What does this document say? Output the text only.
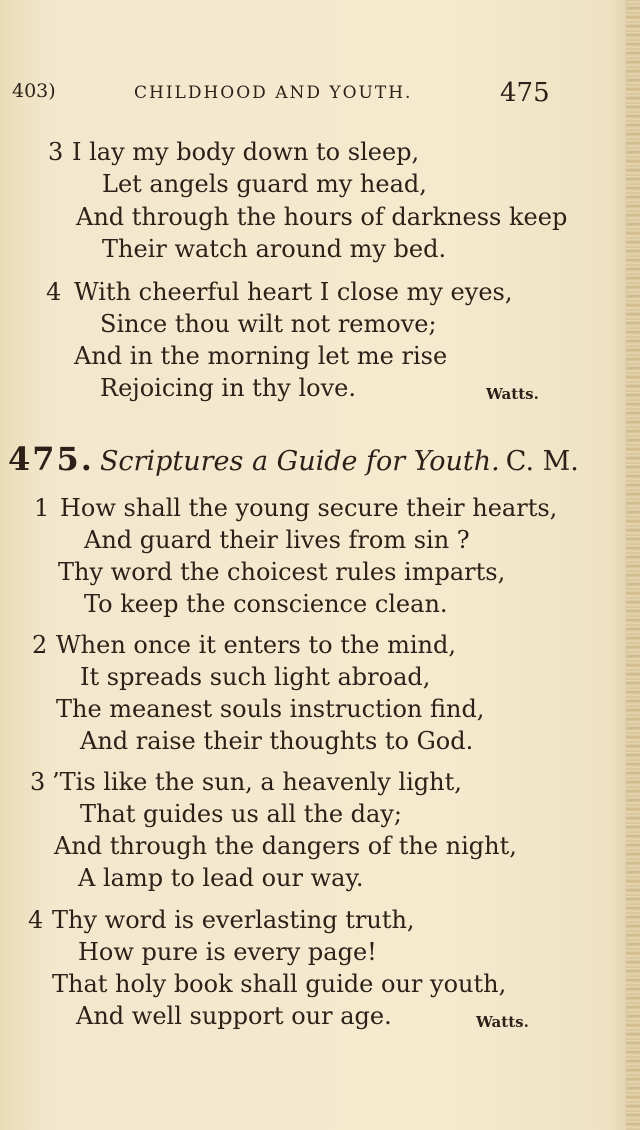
403)	CHILDHOOD AND YOUTH.	475
3 I lay my body down to sleep,
Let angels guard my head,
And through the hours of darkness keep
Their watch around my bed.
4 With cheerful heart I close my eyes,
Since thou wilt not remove;
And in the morning let me rise
Rejoicing in thy love.	Watts.
475. Scriptures a Guide for Youth. C. M.
1 How shall the young secure their hearts,
And guard their lives from sin ?
Thy word the choicest rules imparts,
To keep the conscience clean.
2 When once it enters to the mind,
It spreads such light abroad,
The meanest souls instruction find,
And raise their thoughts to God.
3 ’Tis like the sun, a heavenly light,
That guides us all the day;
And through the dangers of the night,
A lamp to lead our way.
4 Thy word is everlasting truth,
How pure is every page!
That holy book shall guide our youth,
And well support our age.	Watts.
